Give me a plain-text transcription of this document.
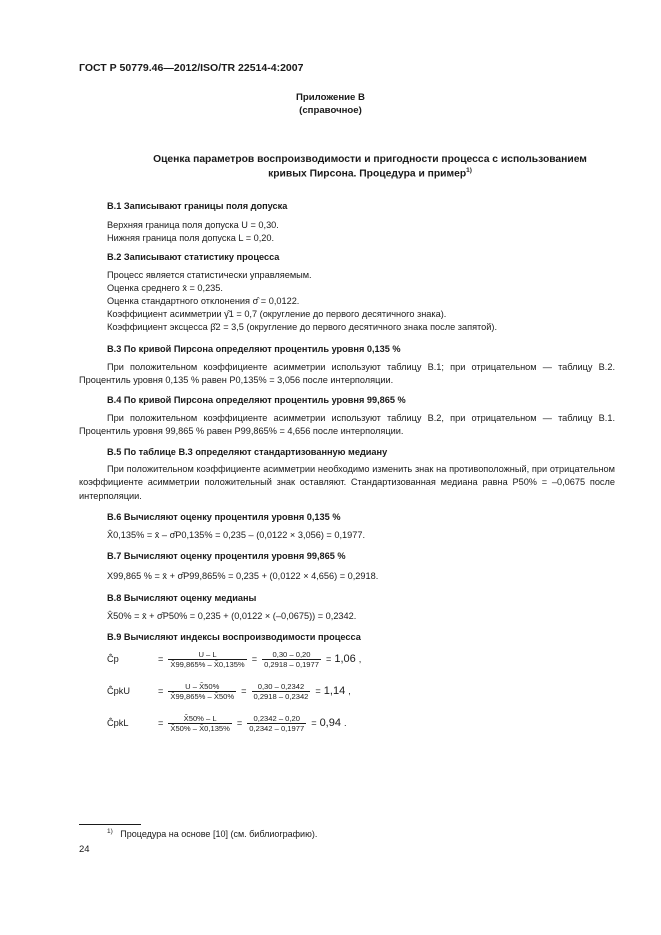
ГОСТ Р 50779.46—2012/ISO/TR 22514-4:2007
Приложение В
(справочное)
Оценка параметров воспроизводимости и пригодности процесса с использованием
кривых Пирсона. Процедура и пример$^{1)}$
В.1 Записывают границы поля допуска
Верхняя граница поля допуска U = 0,30.
Нижняя граница поля допуска L = 0,20.
В.2 Записывают статистику процесса
Процесс является статистически управляемым.
Оценка среднего x̄ = 0,235.
Оценка стандартного отклонения σ̂ = 0,0122.
Коэффициент асимметрии γ̂1 = 0,7 (округление до первого десятичного знака).
Коэффициент эксцесса β̂2 = 3,5 (округление до первого десятичного знака после запятой).
В.3 По кривой Пирсона определяют процентиль уровня 0,135 %
При положительном коэффициенте асимметрии используют таблицу В.1; при отрицательном — таблицу В.2. Процентиль уровня 0,135 % равен P0,135% = 3,056 после интерполяции.
В.4 По кривой Пирсона определяют процентиль уровня 99,865 %
При положительном коэффициенте асимметрии используют таблицу В.2, при отрицательном — таблицу В.1. Процентиль уровня 99,865 % равен P99,865% = 4,656 после интерполяции.
В.5 По таблице В.3 определяют стандартизованную медиану
При положительном коэффициенте асимметрии необходимо изменить знак на противоположный, при отрицательном коэффициенте асимметрии положительный знак оставляют. Стандартизованная медиана равна P50% = –0,0675 после интерполяции.
В.6 Вычисляют оценку процентиля уровня 0,135 %
X̂0,135% = x̄ – σ̂P0,135% = 0,235 – (0,0122 × 3,056) = 0,1977.
В.7 Вычисляют оценку процентиля уровня 99,865 %
X99,865 % = x̄ + σ̂P99,865% = 0,235 + (0,0122 × 4,656) = 0,2918.
В.8 Вычисляют оценку медианы
X̂50% = x̄ + σ̂P50% = 0,235 + (0,0122 × (–0,0675)) = 0,2342.
В.9 Вычисляют индексы воспроизводимости процесса
Ĉp	= $\frac{U - L}{X̂99,865\% - X̂0,135\%} = \frac{0,30 - 0,20}{0,2918 - 0,1977} = 1,06$ ,
ĈpkU	= $\frac{U - X̂50\%}{X̂99,865\% - X̂50\%} = \frac{0,30 - 0,2342}{0,2918 - 0,2342} = 1,14$ ,
ĈpkL	= $\frac{X̂50\% - L}{X̂50\% - X̂0,135\%} = \frac{0,2342 - 0,20}{0,2342 - 0,1977} = 0,94$ .
$^{1)}$ Процедура на основе [10] (см. библиографию).
24
